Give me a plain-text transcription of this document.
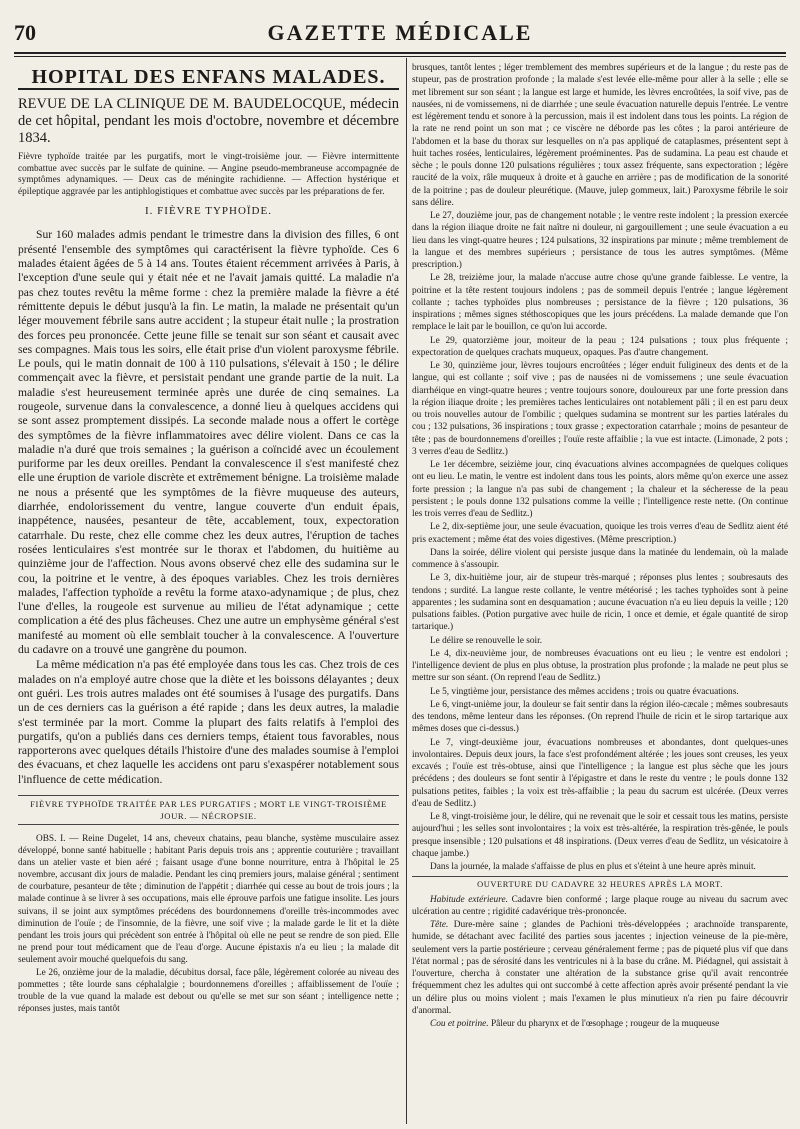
70	GAZETTE MÉDICALE
HOPITAL DES ENFANS MALADES.
REVUE DE LA CLINIQUE DE M. BAUDELOCQUE, médecin de cet hôpital, pendant les mois d'octobre, novembre et décembre 1834.
Fièvre typhoïde traitée par les purgatifs, mort le vingt-troisième jour. — Fièvre intermittente combattue avec succès par le sulfate de quinine. — Angine pseudo-membraneuse accompagnée de symptômes adynamiques. — Deux cas de méningite rachidienne. — Affection hystérique et épileptique aggravée par les antiphlogistiques et combattue avec succès par les préparations de fer.
I. FIÈVRE TYPHOÏDE.

Sur 160 malades admis pendant le trimestre dans la division des filles, 6 ont présenté l'ensemble des symptômes qui caractérisent la fièvre typhoïde. Ces 6 malades étaient âgées de 5 à 14 ans. Toutes étaient récemment arrivées à Paris, à l'exception d'une seule qui y était née et ne l'avait jamais quitté. La maladie n'a pas chez toutes revêtu la même forme : chez la première malade la fièvre a été rémittente depuis le début jusqu'à la fin. Le matin, la malade ne présentait qu'un léger mouvement fébrile sans autre accident ; la stupeur était nulle ; la prostration des forces peu prononcée. Cette jeune fille se tenait sur son séant et causait avec ses compagnes. Mais tous les soirs, elle était prise d'un violent paroxysme fébrile. Le pouls, qui le matin donnait de 100 à 110 pulsations, s'élevait à 150 ; le délire commençait avec la fièvre, et persistait pendant une grande partie de la nuit. La maladie s'est heureusement terminée après une durée de cinq semaines. La rougeole, survenue dans la convalescence, a donné lieu à quelques accidens qui se sont assez promptement dissipés. La seconde malade nous a offert le cortège des symptômes de la fièvre inflammatoires avec délire violent. Dans ce cas la maladie n'a duré que trois semaines ; la guérison a coïncidé avec un écoulement puriforme par les deux oreilles. Pendant la convalescence il s'est manifesté chez elle une éruption de variole discrète et extrêmement bénigne. La troisième malade ne nous a présenté que les symptômes de la fièvre muqueuse des auteurs, diarrhée, endolorissement du ventre, langue couverte d'un enduit épais, inappétence, nausées, pesanteur de tête, accablement, toux, expectoration catarrhale. Du reste, chez elle comme chez les deux autres, l'éruption de taches rosées lenticulaires s'est montrée sur le thorax et l'abdomen, du huitième au quinzième jour de l'affection. Nous avons observé chez elle des sudamina sur le cou, la poitrine et le ventre, à des époques variables. Chez les trois dernières malades, l'affection typhoïde a revêtu la forme ataxo-adynamique ; de plus, chez l'une d'elles, la rougeole est survenue au milieu de l'état adynamique ; cette complication a été des plus fâcheuses. Chez une autre un emphysème général s'est manifesté au moment où elle semblait toucher à la convalescence. A l'ouverture du cadavre on a trouvé une gangrène du poumon.

La même médication n'a pas été employée dans tous les cas. Chez trois de ces malades on n'a employé autre chose que la diète et les boissons délayantes ; deux ont guéri. Les trois autres malades ont été soumises à l'usage des purgatifs. Dans un de ces derniers cas la guérison a été rapide ; dans les deux autres, la maladie s'est terminée par la mort. Comme la plupart des faits relatifs à l'emploi des purgatifs, qu'on a publiés dans ces derniers temps, étaient tous favorables, nous rapporterons avec quelques détails l'histoire d'une des malades soumise à l'emploi des évacuans, et chez laquelle les accidens ont paru s'exaspérer notablement sous l'influence de cette médication.

FIÈVRE TYPHOÏDE TRAITÉE PAR LES PURGATIFS ; MORT LE VINGT-TROISIÈME JOUR. — NÉCROPSIE.

OBS. I. — Reine Dugelet, 14 ans, cheveux chatains, peau blanche, système musculaire assez développé, bonne santé habituelle ; habitant Paris depuis trois ans ; apprentie couturière ; travaillant dans un atelier vaste et bien aéré ; faisant usage d'une bonne nourriture, entra à l'hôpital le 25 novembre, accusant dix jours de maladie. Pendant les cinq premiers jours, malaise général ; sentiment de courbature, pesanteur de tête ; diminution de l'appétit ; diarrhée qui cesse au bout de trois jours ; la malade continue à se livrer à ses occupations, mais elle éprouve parfois une fatigue insolite. Les jours suivans, il se joint aux symptômes précédens des bourdonnemens d'oreille très-incommodes avec diminution de l'ouïe ; de l'insomnie, de la fièvre, une soif vive ; la malade garde le lit et la diète pendant les trois jours qui précèdent son entrée à l'hôpital où elle ne peut se rendre de son pied. Elle ne prend pour tout médicament que de l'eau d'orge. Aucune épistaxis n'a eu lieu ; la malade dit seulement avoir mouché quelquefois du sang.

Le 26, onzième jour de la maladie, décubitus dorsal, face pâle, légèrement colorée au niveau des pommettes ; tête lourde sans céphalalgie ; bourdonnemens d'oreilles ; affaiblissement de l'ouïe ; trouble de la vue quand la malade est debout ou qu'elle se met sur son séant ; intelligence nette ; réponses justes, mais tantôt

brusques, tantôt lentes ; léger tremblement des membres supérieurs et de la langue ; du reste pas de stupeur, pas de prostration profonde ; la malade s'est levée elle-même pour aller à la selle ; elle se met librement sur son séant ; la langue est large et humide, les lèvres encroûtées, la soif vive, pas de nausées, ni de vomissemens, ni de diarrhée ; une seule évacuation naturelle depuis l'entrée. Le ventre est légèrement tendu et sonore à la percussion, mais il est indolent dans tous les points. La région de la rate ne rend point un son mat ; ce viscère ne déborde pas les côtes ; la paroi antérieure de l'abdomen et la base du thorax sur lesquelles on n'a pas appliqué de cataplasmes, présentent sept à huit taches rosées, lenticulaires, légèrement proéminentes. Pas de sudamina. La peau est chaude et sèche ; le pouls donne 120 pulsations régulières ; toux assez fréquente, sans expectoration ; légère raucité de la voix, râle muqueux à droite et à gauche en arrière ; pas de modification de la sonorité de la poitrine ; pas de douleur pleurétique. (Mauve, julep gommeux, lait.) Paroxysme fébrile le soir sans délire.

Le 27, douzième jour, pas de changement notable ; le ventre reste indolent ; la pression exercée dans la région iliaque droite ne fait naître ni douleur, ni gargouillement ; une seule évacuation a eu lieu dans les vingt-quatre heures ; 124 pulsations, 32 inspirations par minute ; même tremblement de la langue et des membres supérieurs ; persistance de tous les autres symptômes. (Même prescription.)

Le 28, treizième jour, la malade n'accuse autre chose qu'une grande faiblesse. Le ventre, la poitrine et la tête restent toujours indolens ; pas de sommeil depuis l'entrée ; langue légèrement collante ; taches typhoïdes plus nombreuses ; persistance de la fièvre ; 120 pulsations, 36 inspirations ; mêmes signes stéthoscopiques que les jours précédens. La malade demande que l'on remplace le lait par le bouillon, ce qu'on lui accorde.

Le 29, quatorzième jour, moiteur de la peau ; 124 pulsations ; toux plus fréquente ; expectoration de quelques crachats muqueux, opaques. Pas d'autre changement.

Le 30, quinzième jour, lèvres toujours encroûtées ; léger enduit fuligineux des dents et de la langue, qui est collante ; soif vive ; pas de nausées ni de vomissemens ; une seule évacuation diarrhéique en vingt-quatre heures ; ventre toujours sonore, douloureux par une forte pression dans la région iliaque droite ; les premières taches lenticulaires ont notablement pâli ; il en est paru deux ou trois nouvelles autour de l'ombilic ; quelques sudamina se montrent sur les parties latérales du cou ; 132 pulsations, 36 inspirations ; toux grasse ; expectoration catarrhale ; moins de pesanteur de tête ; pas de bourdonnemens d'oreilles ; l'ouïe reste affaiblie ; la vue est intacte. (Limonade, 2 pots ; 3 verres d'eau de Sedlitz.)

Le 1er décembre, seizième jour, cinq évacuations alvines accompagnées de quelques coliques ont eu lieu. Le matin, le ventre est indolent dans tous les points, alors même qu'on exerce une assez forte pression ; la langue n'a pas subi de changement ; la chaleur et la sécheresse de la peau persistent ; le pouls donne 132 pulsations comme la veille ; l'intelligence reste nette. (On continue les trois verres d'eau de Sedlitz.)

Le 2, dix-septième jour, une seule évacuation, quoique les trois verres d'eau de Sedlitz aient été pris exactement ; même état des voies digestives. (Même prescription.)

Dans la soirée, délire violent qui persiste jusque dans la matinée du lendemain, où la malade commence à s'assoupir.

Le 3, dix-huitième jour, air de stupeur très-marqué ; réponses plus lentes ; soubresauts des tendons ; surdité. La langue reste collante, le ventre météorisé ; les taches typhoïdes sont à peine apparentes ; les sudamina sont en desquamation ; aucune évacuation n'a eu lieu depuis la veille ; 120 pulsations faibles. (Potion purgative avec huile de ricin, 1 once et demie, et égale quantité de sirop tartarique.)

Le délire se renouvelle le soir.

Le 4, dix-neuvième jour, de nombreuses évacuations ont eu lieu ; le ventre est endolori ; l'intelligence devient de plus en plus obtuse, la prostration plus profonde ; la malade ne peut plus se mettre sur son séant. (On reprend l'eau de Sedlitz.)

Le 5, vingtième jour, persistance des mêmes accidens ; trois ou quatre évacuations.

Le 6, vingt-unième jour, la douleur se fait sentir dans la région iléo-cæcale ; mêmes soubresauts des tendons, même lenteur dans les réponses. (On reprend l'huile de ricin et le sirop tartarique aux mêmes doses que ci-dessus.)

Le 7, vingt-deuxième jour, évacuations nombreuses et abondantes, dont quelques-unes involontaires. Depuis deux jours, la face s'est profondément altérée ; les joues sont creuses, les yeux excavés ; l'ouïe est très-obtuse, ainsi que l'intelligence ; la langue est plus sèche que les jours précédens ; des douleurs se font sentir à l'épigastre et dans le reste du ventre ; le pouls donne 132 pulsations petites, faibles ; la voix est très-affaiblie ; la peau du sacrum est ulcérée. (Deux verres d'eau de Sedlitz.)

Le 8, vingt-troisième jour, le délire, qui ne revenait que le soir et cessait tous les matins, persiste aujourd'hui ; les selles sont involontaires ; la voix est très-altérée, la respiration très-gênée, le pouls presque insensible ; 120 pulsations et 48 inspirations. (Deux verres d'eau de Sedlitz, un vésicatoire à chaque jambe.)

Dans la journée, la malade s'affaisse de plus en plus et s'éteint à une heure après minuit.

OUVERTURE DU CADAVRE 32 HEURES APRÈS LA MORT.

Habitude extérieure. Cadavre bien conformé ; large plaque rouge au niveau du sacrum avec ulcération au centre ; rigidité cadavérique très-prononcée.

Tête. Dure-mère saine ; glandes de Pachioni très-développées ; arachnoïde transparente, humide, se détachant avec facilité des parties sous jacentes ; injection veineuse de la pie-mère, seulement vers la partie postérieure ; cerveau généralement ferme ; pas de piqueté plus vif que dans l'état normal ; pas de sérosité dans les ventricules ni à la base du crâne. M. Piédagnel, qui assistait à l'ouverture, chercha à constater une altération de la substance grise qu'il avait rencontrée fréquemment chez les adultes qui ont succombé à cette affection après avoir présenté pendant la vie un délire plus ou moins violent ; mais l'examen le plus minutieux n'a rien pu faire découvrir d'anormal.

Cou et poitrine. Pâleur du pharynx et de l'œsophage ; rougeur de la muqueuse
